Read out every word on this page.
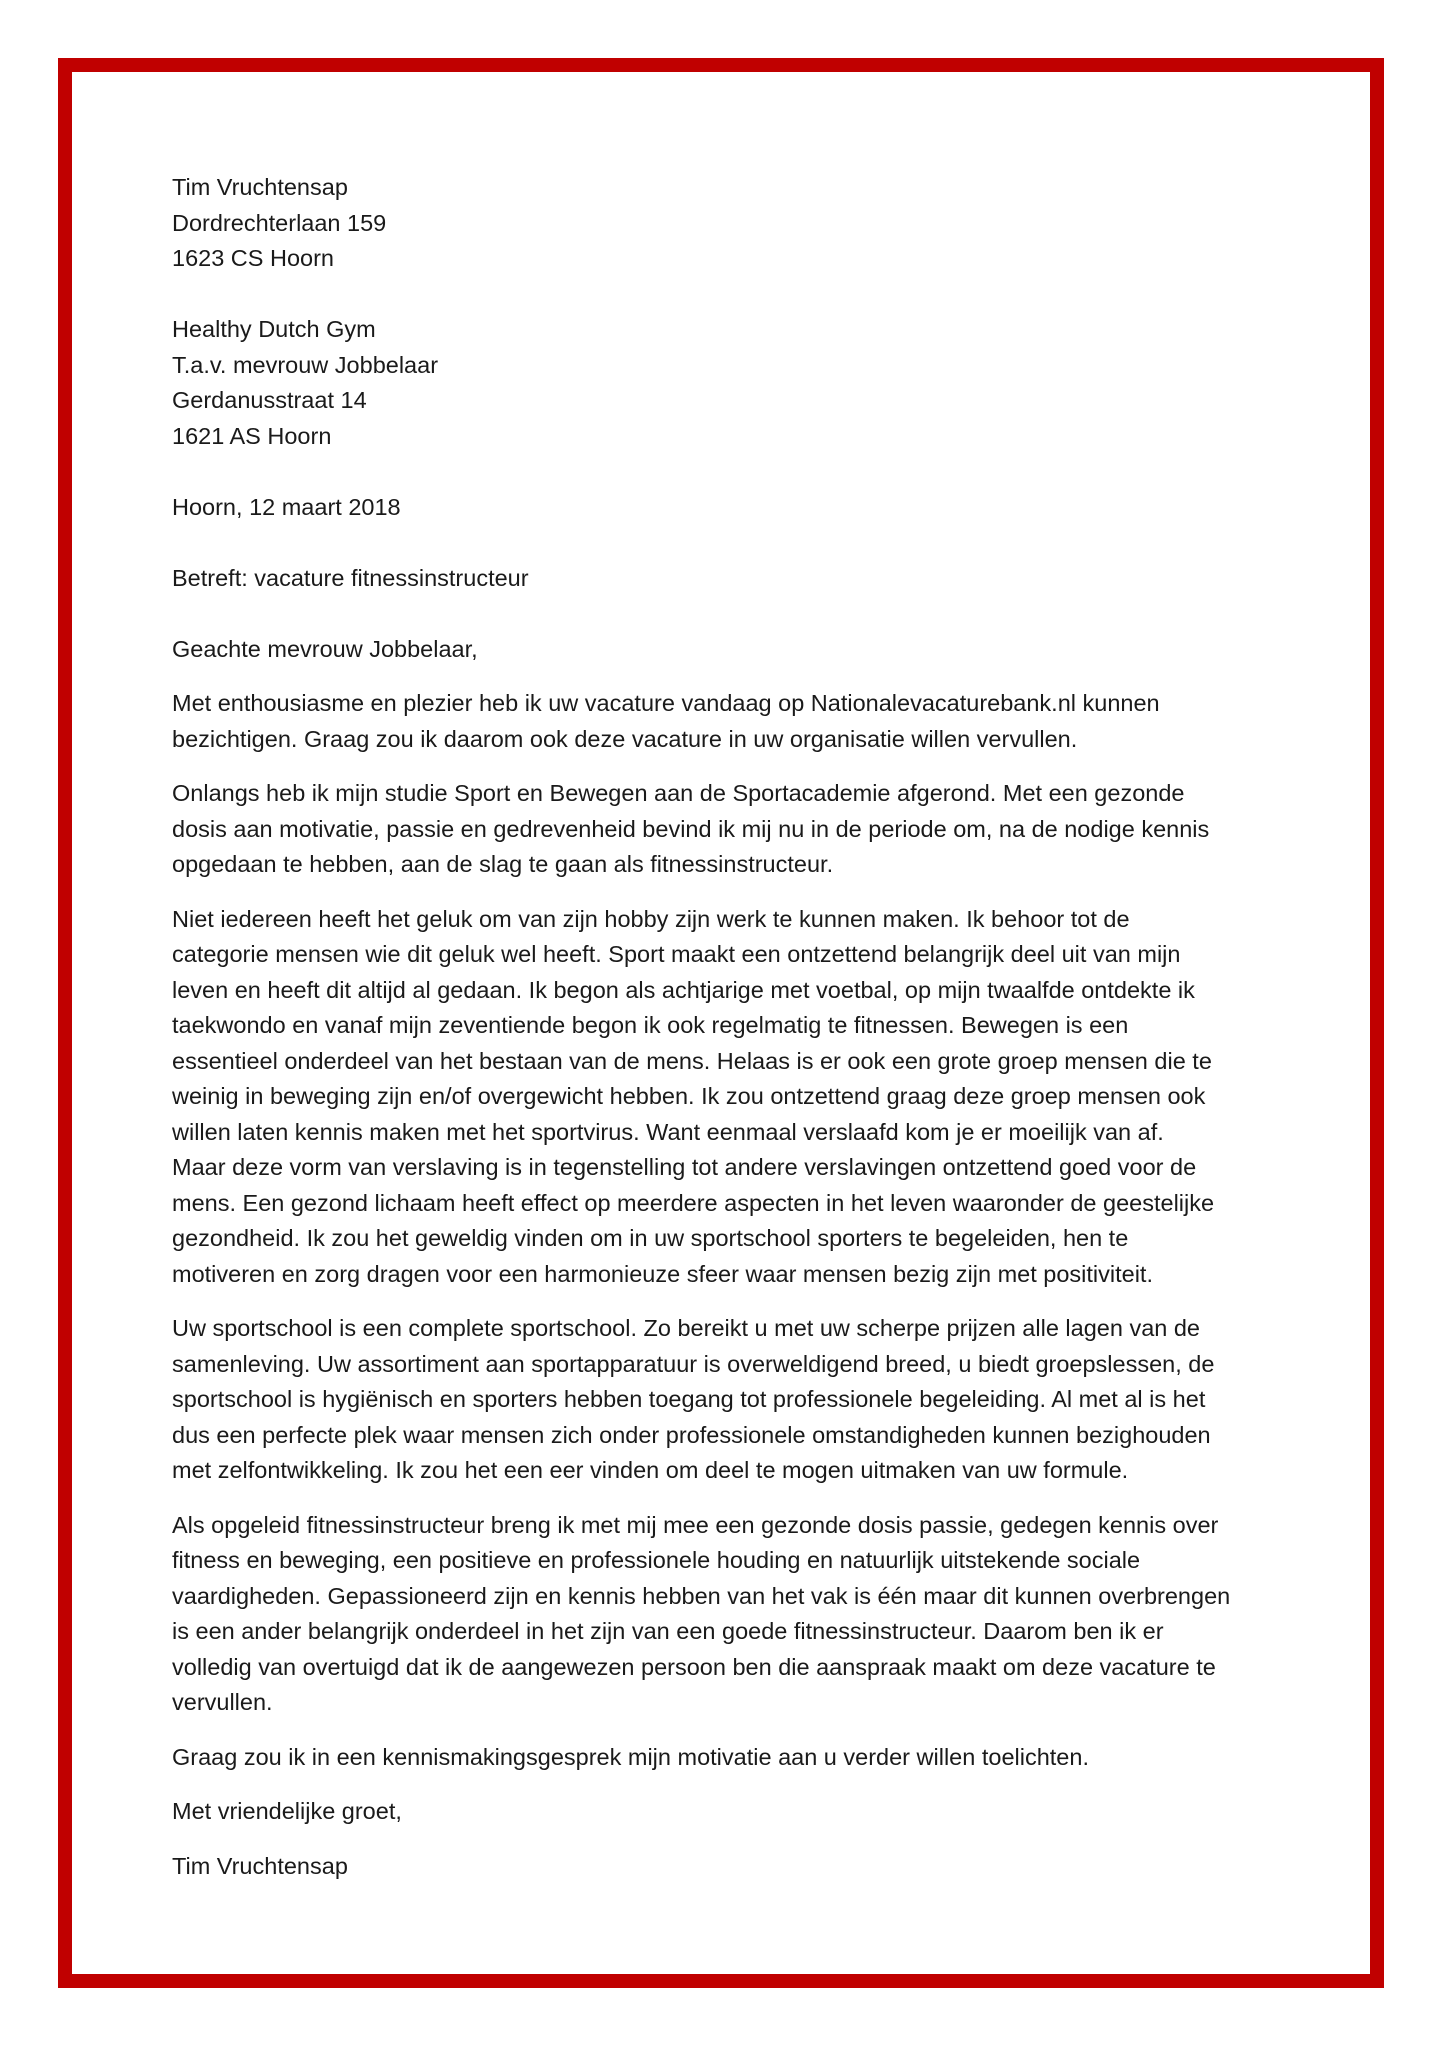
Tim Vruchtensap
Dordrechterlaan 159
1623 CS Hoorn
Healthy Dutch Gym
T.a.v. mevrouw Jobbelaar
Gerdanusstraat 14
1621 AS Hoorn
Hoorn, 12 maart 2018
Betreft: vacature fitnessinstructeur

Geachte mevrouw Jobbelaar,

Met enthousiasme en plezier heb ik uw vacature vandaag op Nationalevacaturebank.nl kunnen
bezichtigen. Graag zou ik daarom ook deze vacature in uw organisatie willen vervullen.

Onlangs heb ik mijn studie Sport en Bewegen aan de Sportacademie afgerond. Met een gezonde
dosis aan motivatie, passie en gedrevenheid bevind ik mij nu in de periode om, na de nodige kennis
opgedaan te hebben, aan de slag te gaan als fitnessinstructeur.

Niet iedereen heeft het geluk om van zijn hobby zijn werk te kunnen maken. Ik behoor tot de
categorie mensen wie dit geluk wel heeft. Sport maakt een ontzettend belangrijk deel uit van mijn
leven en heeft dit altijd al gedaan. Ik begon als achtjarige met voetbal, op mijn twaalfde ontdekte ik
taekwondo en vanaf mijn zeventiende begon ik ook regelmatig te fitnessen. Bewegen is een
essentieel onderdeel van het bestaan van de mens. Helaas is er ook een grote groep mensen die te
weinig in beweging zijn en/of overgewicht hebben. Ik zou ontzettend graag deze groep mensen ook
willen laten kennis maken met het sportvirus. Want eenmaal verslaafd kom je er moeilijk van af.
Maar deze vorm van verslaving is in tegenstelling tot andere verslavingen ontzettend goed voor de
mens. Een gezond lichaam heeft effect op meerdere aspecten in het leven waaronder de geestelijke
gezondheid. Ik zou het geweldig vinden om in uw sportschool sporters te begeleiden, hen te
motiveren en zorg dragen voor een harmonieuze sfeer waar mensen bezig zijn met positiviteit.

Uw sportschool is een complete sportschool. Zo bereikt u met uw scherpe prijzen alle lagen van de
samenleving. Uw assortiment aan sportapparatuur is overweldigend breed, u biedt groepslessen, de
sportschool is hygiënisch en sporters hebben toegang tot professionele begeleiding. Al met al is het
dus een perfecte plek waar mensen zich onder professionele omstandigheden kunnen bezighouden
met zelfontwikkeling. Ik zou het een eer vinden om deel te mogen uitmaken van uw formule.

Als opgeleid fitnessinstructeur breng ik met mij mee een gezonde dosis passie, gedegen kennis over
fitness en beweging, een positieve en professionele houding en natuurlijk uitstekende sociale
vaardigheden. Gepassioneerd zijn en kennis hebben van het vak is één maar dit kunnen overbrengen
is een ander belangrijk onderdeel in het zijn van een goede fitnessinstructeur. Daarom ben ik er
volledig van overtuigd dat ik de aangewezen persoon ben die aanspraak maakt om deze vacature te
vervullen.

Graag zou ik in een kennismakingsgesprek mijn motivatie aan u verder willen toelichten.

Met vriendelijke groet,

Tim Vruchtensap
